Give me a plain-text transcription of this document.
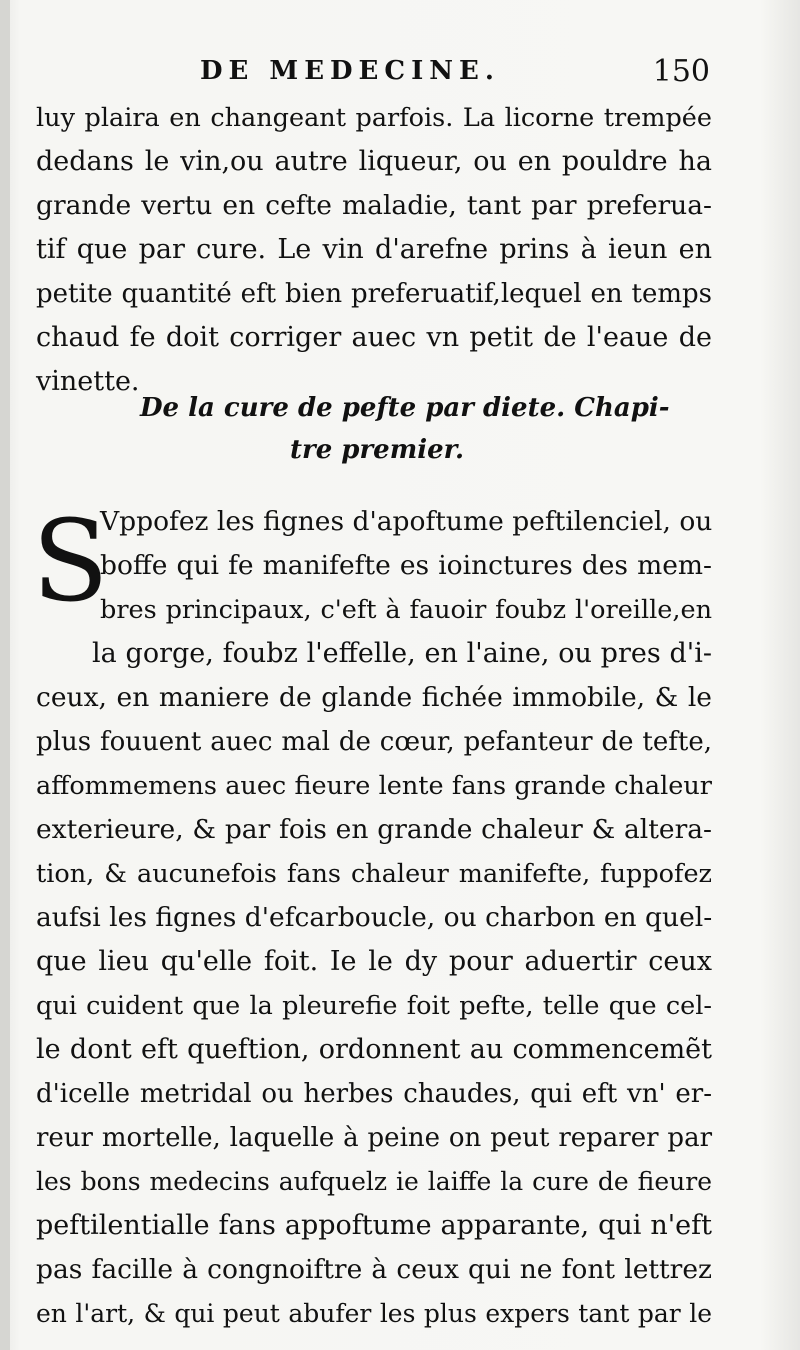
DE MEDECINE.	150
luy plaira en changeant parfois. La licorne trempée
dedans le vin,ou autre liqueur, ou en pouldre ha
grande vertu en cefte maladie, tant par preferua-
tif que par cure. Le vin d'arefne prins à ieun en
petite quantité eft bien preferuatif,lequel en temps
chaud fe doit corriger auec vn petit de l'eaue de
vinette.
De la cure de pefte par diete. Chapi-
tre premier.
S
Vppofez les fignes d'apoftume peftilenciel, ou
boffe qui fe manifefte es ioinctures des mem-
bres principaux, c'eft à fauoir foubz l'oreille,en
la gorge, foubz l'effelle, en l'aine, ou pres d'i-
ceux, en maniere de glande fichée immobile, & le
plus fouuent auec mal de cœur, pefanteur de tefte,
affommemens auec fieure lente fans grande chaleur
exterieure, & par fois en grande chaleur & altera-
tion, & aucunefois fans chaleur manifefte, fuppofez
aufsi les fignes d'efcarboucle, ou charbon en quel-
que lieu qu'elle foit. Ie le dy pour aduertir ceux
qui cuident que la pleurefie foit pefte, telle que cel-
le dont eft queftion, ordonnent au commencemẽt
d'icelle metridal ou herbes chaudes, qui eft vn' er-
reur mortelle, laquelle à peine on peut reparer par
les bons medecins aufquelz ie laiffe la cure de fieure
peftilentialle fans appoftume apparante, qui n'eft
pas facille à congnoiftre à ceux qui ne font lettrez
en l'art, & qui peut abufer les plus expers tant par le
